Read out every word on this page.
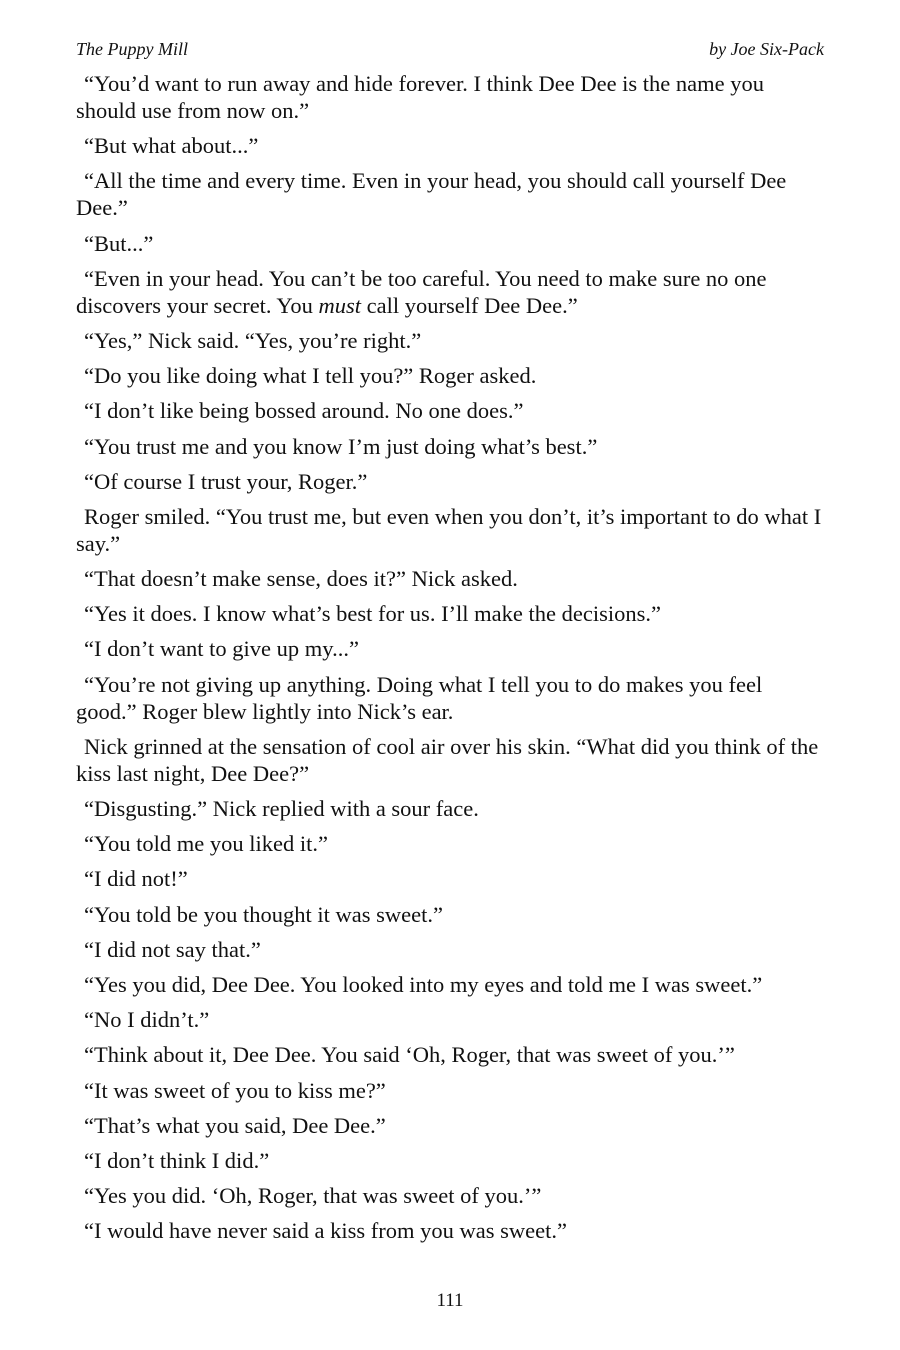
The Puppy Mill	by Joe Six-Pack

“You’d want to run away and hide forever. I think Dee Dee is the name you should use from now on.”

“But what about...”

“All the time and every time. Even in your head, you should call yourself Dee Dee.”

“But...”

“Even in your head. You can’t be too careful. You need to make sure no one discovers your secret. You must call yourself Dee Dee.”

“Yes,” Nick said. “Yes, you’re right.”

“Do you like doing what I tell you?” Roger asked.

“I don’t like being bossed around. No one does.”

“You trust me and you know I’m just doing what’s best.”

“Of course I trust your, Roger.”

Roger smiled. “You trust me, but even when you don’t, it’s important to do what I say.”

“That doesn’t make sense, does it?” Nick asked.

“Yes it does. I know what’s best for us. I’ll make the decisions.”

“I don’t want to give up my...”

“You’re not giving up anything. Doing what I tell you to do makes you feel good.” Roger blew lightly into Nick’s ear.

Nick grinned at the sensation of cool air over his skin. “What did you think of the kiss last night, Dee Dee?”

“Disgusting.” Nick replied with a sour face.

“You told me you liked it.”

“I did not!”

“You told be you thought it was sweet.”

“I did not say that.”

“Yes you did, Dee Dee. You looked into my eyes and told me I was sweet.”

“No I didn’t.”

“Think about it, Dee Dee. You said ‘Oh, Roger, that was sweet of you.’”

“It was sweet of you to kiss me?”

“That’s what you said, Dee Dee.”

“I don’t think I did.”

“Yes you did. ‘Oh, Roger, that was sweet of you.’”

“I would have never said a kiss from you was sweet.”

111
